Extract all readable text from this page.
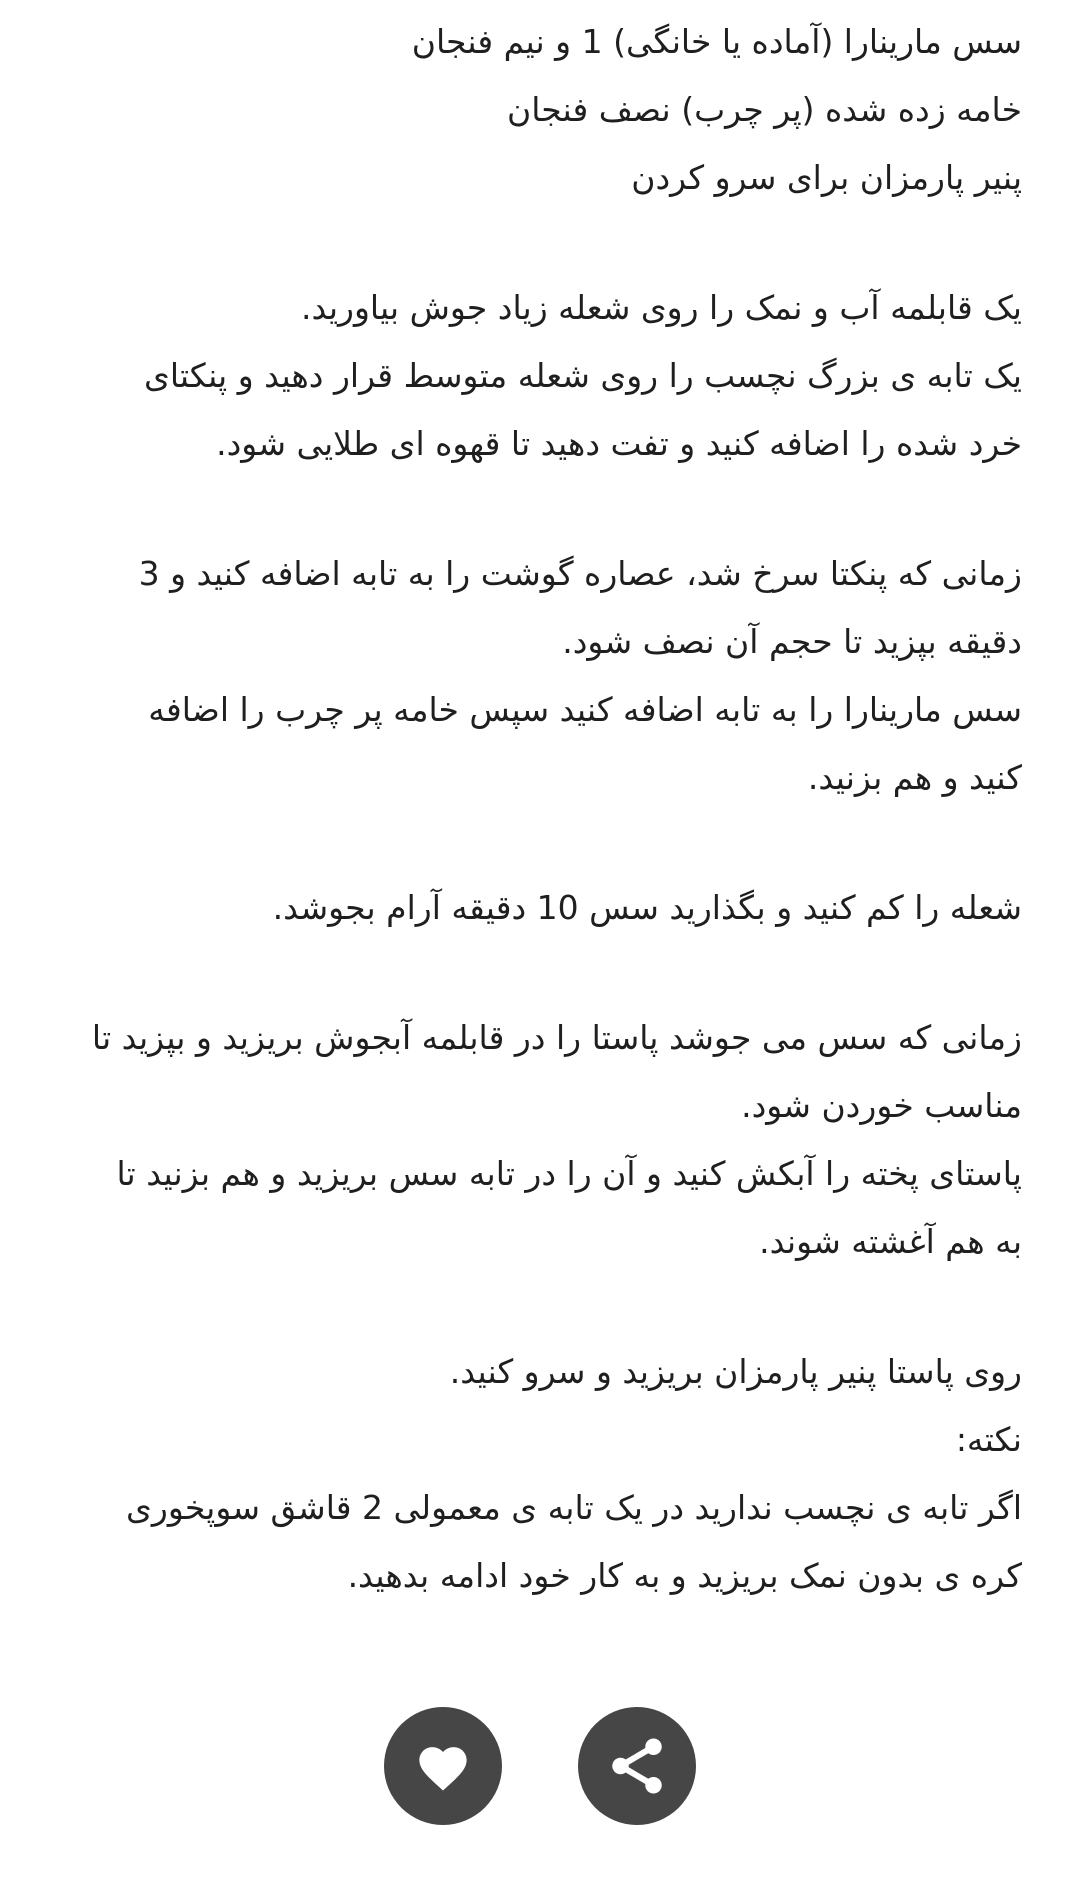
سس مارینارا (آماده یا خانگی) 1 و نیم فنجان
خامه زده شده (پر چرب) نصف فنجان
پنیر پارمزان برای سرو کردن

یک قابلمه آب و نمک را روی شعله زیاد جوش بیاورید.
یک تابه ی بزرگ نچسب را روی شعله متوسط قرار دهید و پنکتای
خرد شده را اضافه کنید و تفت دهید تا قهوه ای طلایی شود.

زمانی که پنکتا سرخ شد، عصاره گوشت را به تابه اضافه کنید و 3
دقیقه بپزید تا حجم آن نصف شود.
سس مارینارا را به تابه اضافه کنید سپس خامه پر چرب را اضافه
کنید و هم بزنید.

شعله را کم کنید و بگذارید سس 10 دقیقه آرام بجوشد.

زمانی که سس می جوشد پاستا را در قابلمه آبجوش بریزید و بپزید تا
مناسب خوردن شود.
پاستای پخته را آبکش کنید و آن را در تابه سس بریزید و هم بزنید تا
به هم آغشته شوند.

روی پاستا پنیر پارمزان بریزید و سرو کنید.
نکته:
اگر تابه ی نچسب ندارید در یک تابه ی معمولی 2 قاشق سوپخوری
کره ی بدون نمک بریزید و به کار خود ادامه بدهید.
